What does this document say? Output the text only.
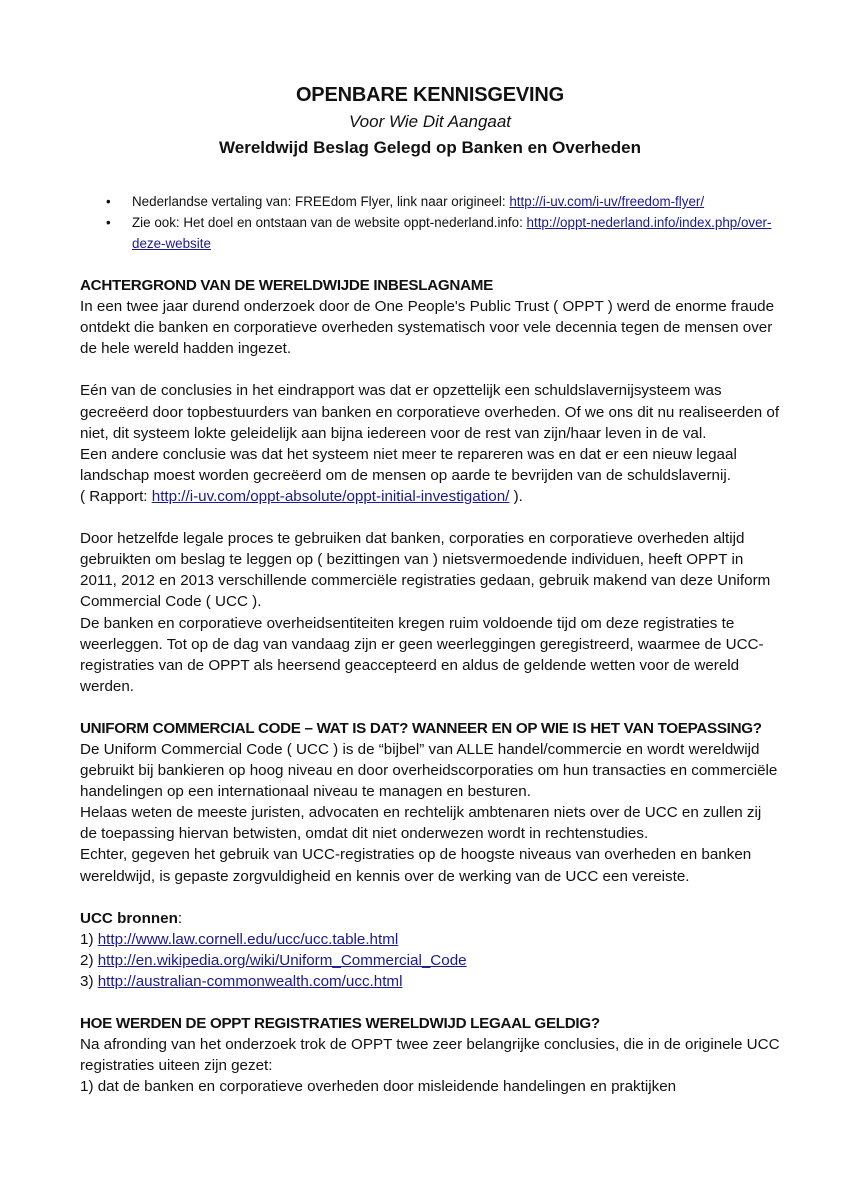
OPENBARE KENNISGEVING

Voor Wie Dit Aangaat

Wereldwijd Beslag Gelegd op Banken en Overheden

• Nederlandse vertaling van: FREEdom Flyer, link naar origineel: http://i-uv.com/i-uv/freedom-flyer/
• Zie ook: Het doel en ontstaan van de website oppt-nederland.info: http://oppt-nederland.info/index.php/over-deze-website

ACHTERGROND VAN DE WERELDWIJDE INBESLAGNAME

In een twee jaar durend onderzoek door de One People's Public Trust ( OPPT ) werd de enorme fraude ontdekt die banken en corporatieve overheden systematisch voor vele decennia tegen de mensen over de hele wereld hadden ingezet.

Eén van de conclusies in het eindrapport was dat er opzettelijk een schuldslavernijsysteem was gecreëerd door topbestuurders van banken en corporatieve overheden. Of we ons dit nu realiseerden of niet, dit systeem lokte geleidelijk aan bijna iedereen voor de rest van zijn/haar leven in de val.

Een andere conclusie was dat het systeem niet meer te repareren was en dat er een nieuw legaal landschap moest worden gecreëerd om de mensen op aarde te bevrijden van de schuldslavernij.

( Rapport: http://i-uv.com/oppt-absolute/oppt-initial-investigation/ ).

Door hetzelfde legale proces te gebruiken dat banken, corporaties en corporatieve overheden altijd gebruikten om beslag te leggen op ( bezittingen van ) nietsvermoedende individuen, heeft OPPT in 2011, 2012 en 2013 verschillende commerciële registraties gedaan, gebruik makend van deze Uniform Commercial Code ( UCC ).

De banken en corporatieve overheidsentiteiten kregen ruim voldoende tijd om deze registraties te weerleggen. Tot op de dag van vandaag zijn er geen weerleggingen geregistreerd, waarmee de UCC-registraties van de OPPT als heersend geaccepteerd en aldus de geldende wetten voor de wereld werden.

UNIFORM COMMERCIAL CODE – WAT IS DAT? WANNEER EN OP WIE IS HET VAN TOEPASSING?

De Uniform Commercial Code ( UCC ) is de “bijbel” van ALLE handel/commercie en wordt wereldwijd gebruikt bij bankieren op hoog niveau en door overheidscorporaties om hun transacties en commerciële handelingen op een internationaal niveau te managen en besturen.

Helaas weten de meeste juristen, advocaten en rechtelijk ambtenaren niets over de UCC en zullen zij de toepassing hiervan betwisten, omdat dit niet onderwezen wordt in rechtenstudies.

Echter, gegeven het gebruik van UCC-registraties op de hoogste niveaus van overheden en banken wereldwijd, is gepaste zorgvuldigheid en kennis over de werking van de UCC een vereiste.

UCC bronnen:

1) http://www.law.cornell.edu/ucc/ucc.table.html

2) http://en.wikipedia.org/wiki/Uniform_Commercial_Code

3) http://australian-commonwealth.com/ucc.html

HOE WERDEN DE OPPT REGISTRATIES WERELDWIJD LEGAAL GELDIG?

Na afronding van het onderzoek trok de OPPT twee zeer belangrijke conclusies, die in de originele UCC registraties uiteen zijn gezet:

1) dat de banken en corporatieve overheden door misleidende handelingen en praktijken
